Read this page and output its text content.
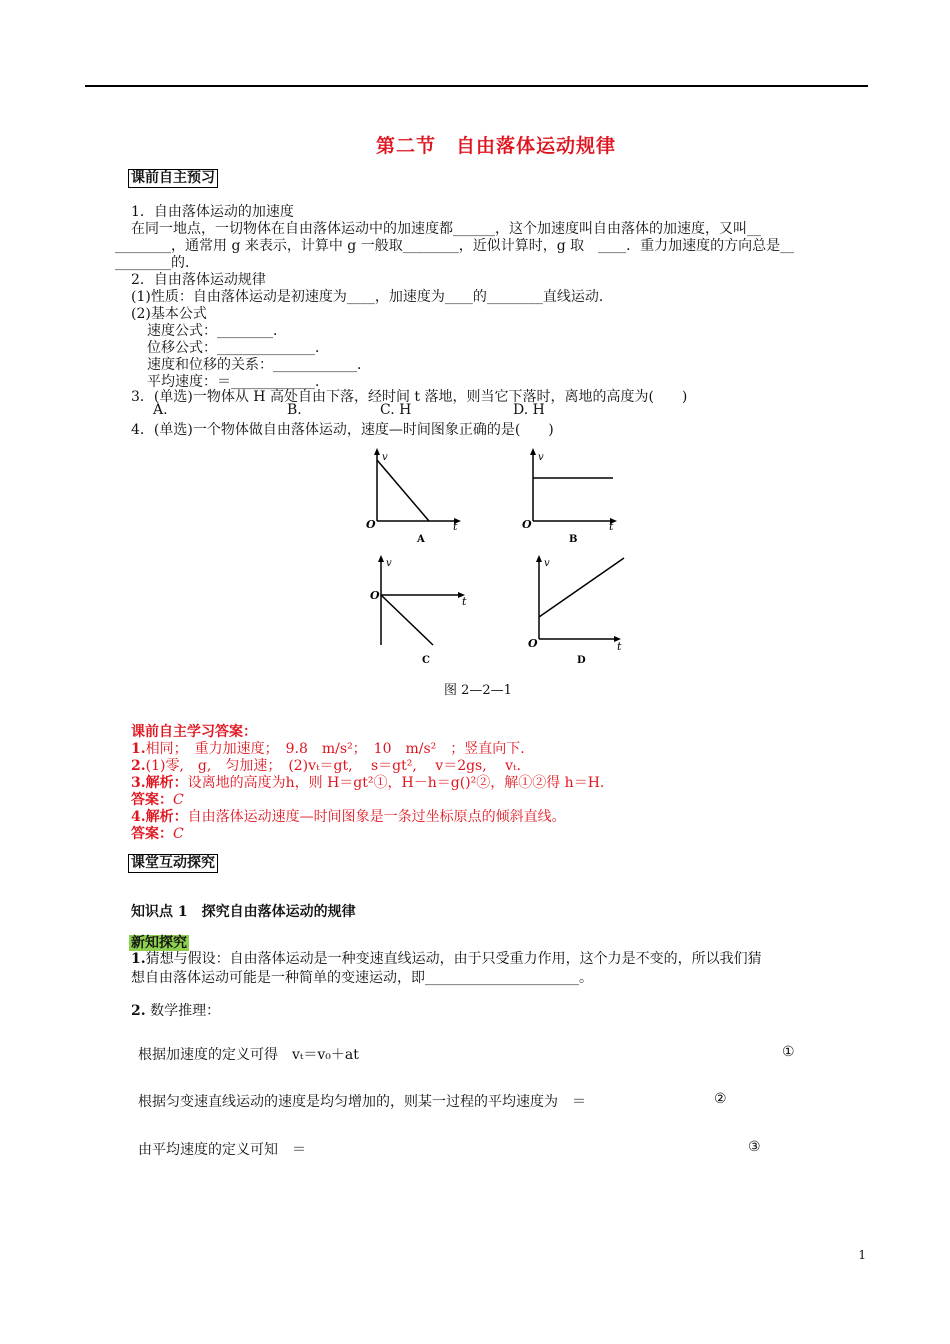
第二节　自由落体运动规律
课前自主预习
1．自由落体运动的加速度
在同一地点，一切物体在自由落体运动中的加速度都______，这个加速度叫自由落体的加速度，又叫__
________，通常用 g 来表示，计算中 g 一般取________，近似计算时，g 取　____．重力加速度的方向总是__
________的．
2．自由落体运动规律
(1)性质：自由落体运动是初速度为____，加速度为____的________直线运动．
(2)基本公式
速度公式：________．
位移公式：______________．
速度和位移的关系：____________．
平均速度：＝____________．
3．(单选)一物体从 H 高处自由下落，经时间 t 落地，则当它下落时，离地的高度为(　　)
A.	B.	C. H	D. H
4．(单选)一个物体做自由落体运动，速度—时间图象正确的是(　　)
v
t
O
A
v
t
O
B
v
t
O
C
v
t
O
D
图 2—2—1
课前自主学习答案：
1.相同；　重力加速度；　9.8　m/s²；　10　m/s²　；竖直向下.
2.(1)零,　g,　匀加速；　(2)vₜ＝gt,　 s＝gt²,　 v＝2gs,　 vₜ.
3.解析：设离地的高度为h，则 H＝gt²①，H－h＝g()²②，解①②得 h＝H.
答案：C
4.解析：自由落体运动速度—时间图象是一条过坐标原点的倾斜直线。
答案：C
课堂互动探究
知识点 1　探究自由落体运动的规律
新知探究
1.猜想与假设：自由落体运动是一种变速直线运动，由于只受重力作用，这个力是不变的，所以我们猜
想自由落体运动可能是一种简单的变速运动，即______________________。
2. 数学推理：
根据加速度的定义可得　vₜ＝v₀＋at	①
根据匀变速直线运动的速度是均匀增加的，则某一过程的平均速度为　＝	②
由平均速度的定义可知　＝	③
1
